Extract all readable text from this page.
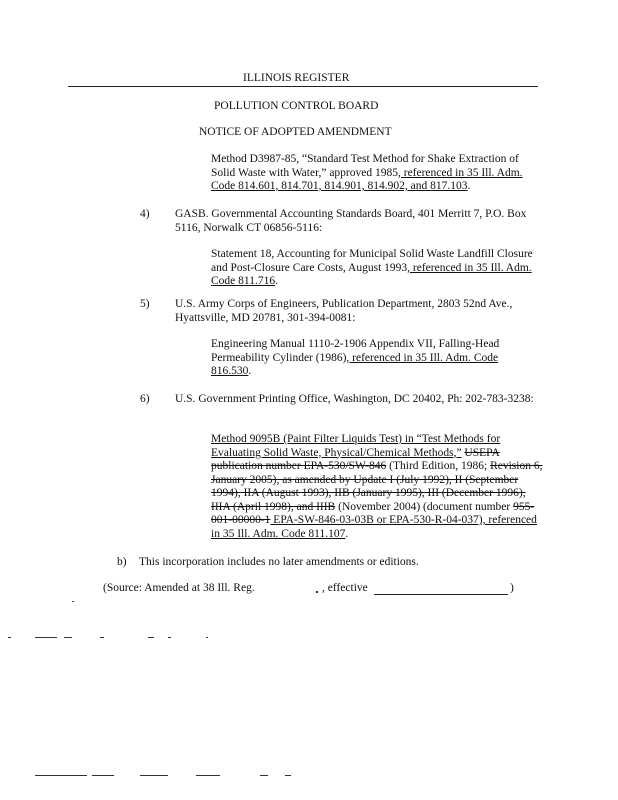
ILLINOIS REGISTER
POLLUTION CONTROL BOARD
NOTICE OF ADOPTED AMENDMENT
Method D3987-85, “Standard Test Method for Shake Extraction of Solid Waste with Water,” approved 1985, referenced in 35 Ill. Adm. Code 814.601, 814.701, 814.901, 814.902, and 817.103.
4) GASB. Governmental Accounting Standards Board, 401 Merritt 7, P.O. Box 5116, Norwalk CT 06856-5116:
Statement 18, Accounting for Municipal Solid Waste Landfill Closure and Post-Closure Care Costs, August 1993, referenced in 35 Ill. Adm. Code 811.716.
5) U.S. Army Corps of Engineers, Publication Department, 2803 52nd Ave., Hyattsville, MD 20781, 301-394-0081:
Engineering Manual 1110-2-1906 Appendix VII, Falling-Head Permeability Cylinder (1986), referenced in 35 Ill. Adm. Code 816.530.
6) U.S. Government Printing Office, Washington, DC 20402, Ph: 202-783-3238:
Method 9095B (Paint Filter Liquids Test) in “Test Methods for Evaluating Solid Waste, Physical/Chemical Methods,” USEPA publication number EPA-530/SW-846 (Third Edition, 1986; Revision 6, January 2005), as amended by Update I (July 1992), II (September 1994), IIA (August 1993), IIB (January 1995), III (December 1996), IIIA (April 1998), and IIIB (November 2004) (document number 955-001-00000-1 EPA-SW-846-03-03B or EPA-530-R-04-037), referenced in 35 Ill. Adm. Code 811.107.
b) This incorporation includes no later amendments or editions.
(Source: Amended at 38 Ill. Reg.	, effective	)
